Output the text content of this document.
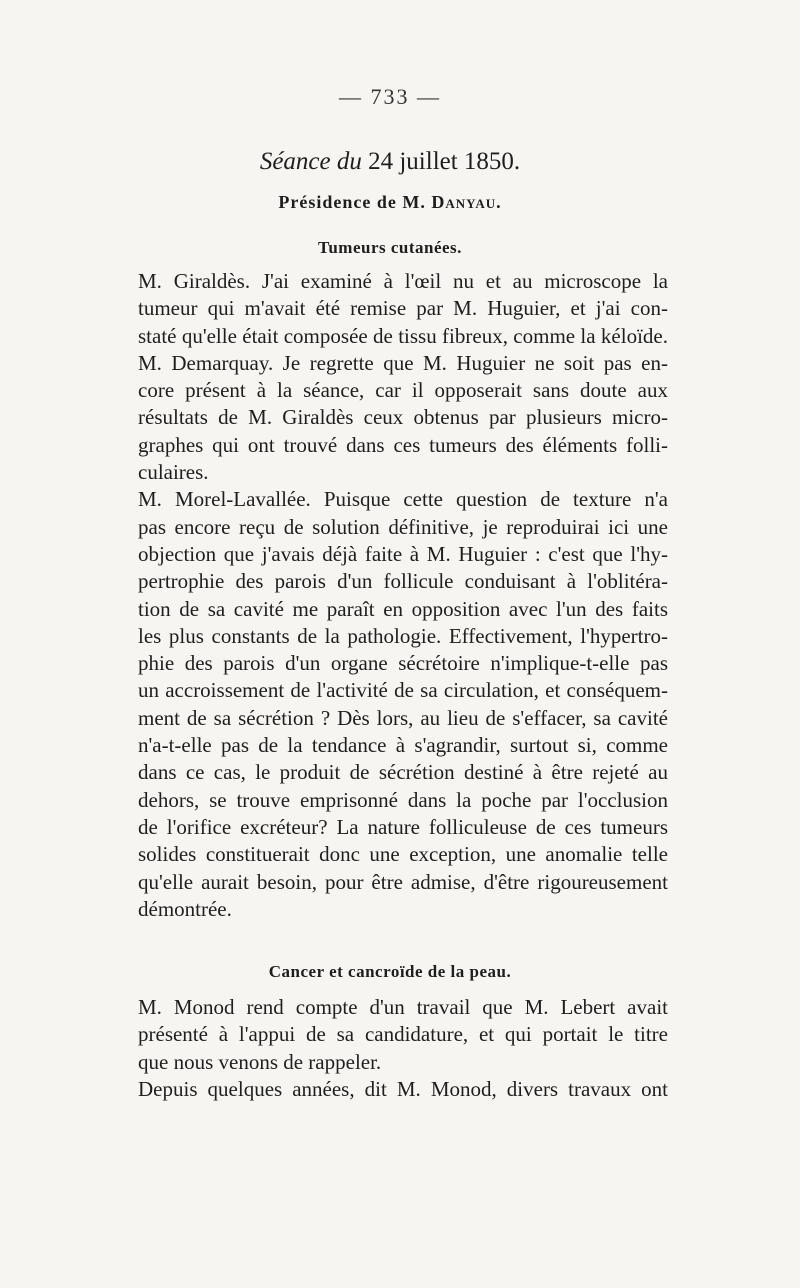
— 733 —
Séance du 24 juillet 1850.
Présidence de M. Danyau.
Tumeurs cutanées.
M. Giraldès. J'ai examiné à l'œil nu et au microscope la
tumeur qui m'avait été remise par M. Huguier, et j'ai con-
staté qu'elle était composée de tissu fibreux, comme la kéloïde.
M. Demarquay. Je regrette que M. Huguier ne soit pas en-
core présent à la séance, car il opposerait sans doute aux
résultats de M. Giraldès ceux obtenus par plusieurs micro-
graphes qui ont trouvé dans ces tumeurs des éléments folli-
culaires.
M. Morel-Lavallée. Puisque cette question de texture n'a
pas encore reçu de solution définitive, je reproduirai ici une
objection que j'avais déjà faite à M. Huguier : c'est que l'hy-
pertrophie des parois d'un follicule conduisant à l'oblitéra-
tion de sa cavité me paraît en opposition avec l'un des faits
les plus constants de la pathologie. Effectivement, l'hypertro-
phie des parois d'un organe sécrétoire n'implique-t-elle pas
un accroissement de l'activité de sa circulation, et conséquem-
ment de sa sécrétion ? Dès lors, au lieu de s'effacer, sa cavité
n'a-t-elle pas de la tendance à s'agrandir, surtout si, comme
dans ce cas, le produit de sécrétion destiné à être rejeté au
dehors, se trouve emprisonné dans la poche par l'occlusion
de l'orifice excréteur? La nature folliculeuse de ces tumeurs
solides constituerait donc une exception, une anomalie telle
qu'elle aurait besoin, pour être admise, d'être rigoureusement
démontrée.
Cancer et cancroïde de la peau.
M. Monod rend compte d'un travail que M. Lebert avait
présenté à l'appui de sa candidature, et qui portait le titre
que nous venons de rappeler.
Depuis quelques années, dit M. Monod, divers travaux ont
